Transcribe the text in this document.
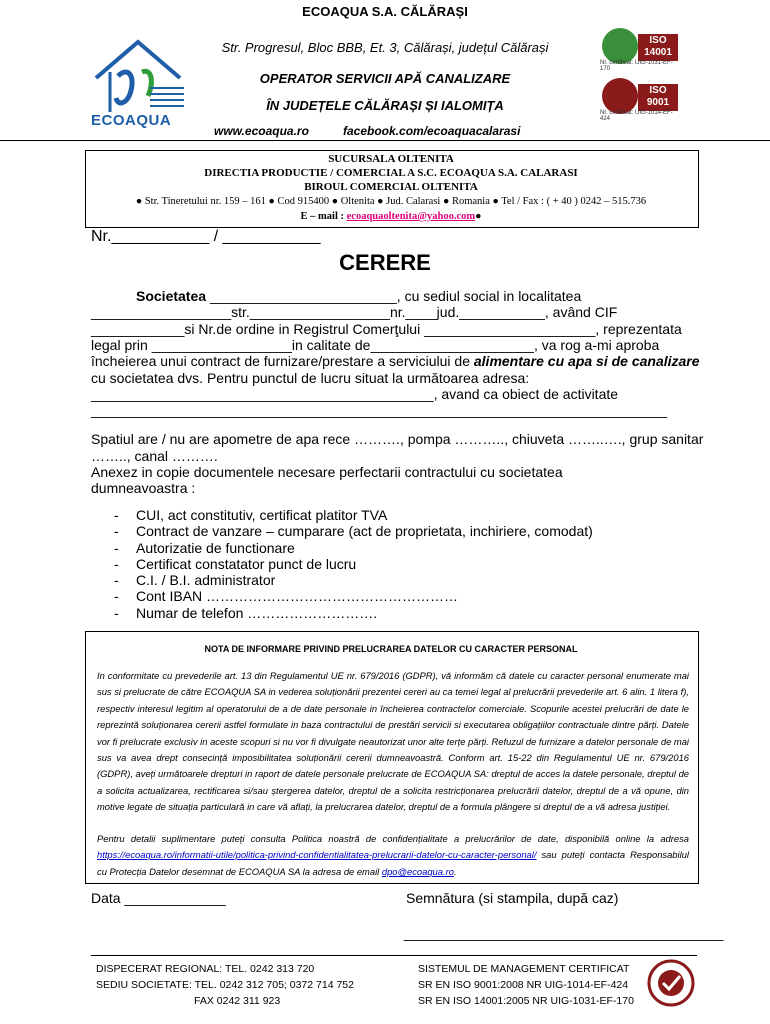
ECOAQUA
ECOAQUA S.A. CĂLĂRAȘI
Str. Progresul, Bloc BBB, Et. 3, Călărași, județul Călărași
OPERATOR SERVICII APĂ CANALIZARE
ÎN JUDEȚELE CĂLĂRAȘI ȘI IALOMIȚA
www.ecoaqua.ro	facebook.com/ecoaquacalarasi
ISO 14001
Nr. certificat: UIG-1031-EF-170
ISO 9001
Nr. certificat: UIG-1014-EF-424
SUCURSALA OLTENITA
DIRECTIA PRODUCTIE / COMERCIAL A S.C. ECOAQUA S.A. CALARASI
BIROUL COMERCIAL OLTENITA
● Str. Tineretului nr. 159 – 161 ● Cod 915400 ● Oltenita ● Jud. Calarasi ● Romania ● Tel / Fax : ( + 40 ) 0242 – 515.736
E – mail : ecoaquaoltenita@yahoo.com●
Nr.___________ / ___________
CERERE
Societatea ________________________, cu sediul social in localitatea
__________________str.__________________nr.____jud.___________, având CIF
____________si Nr.de ordine in Registrul Comerţului ______________________, reprezentata
legal prin __________________in calitate de_____________________, va rog a-mi aproba
încheierea unui contract de furnizare/prestare a serviciului de alimentare cu apa si de canalizare
cu societatea dvs. Pentru punctul de lucru situat la următoarea adresa:
____________________________________________, avand ca obiect de activitate
__________________________________________________________________________
Spatiul are / nu are apometre de apa rece ………., pompa ……….., chiuveta ……..…., grup sanitar
…….., canal ……….
Anexez in copie documentele necesare perfectarii contractului cu societatea
dumneavoastra :
- CUI, act constitutiv, certificat platitor TVA
- Contract de vanzare – cumparare (act de proprietata, inchiriere, comodat)
- Autorizatie de functionare
- Certificat constatator punct de lucru
- C.I. / B.I. administrator
- Cont IBAN ………………………………………………
- Numar de telefon ……………………….
NOTA DE INFORMARE PRIVIND PRELUCRAREA DATELOR CU CARACTER PERSONAL
In conformitate cu prevederile art. 13 din Regulamentul UE nr. 679/2016 (GDPR), vă informăm că datele cu caracter personal enumerate mai sus si prelucrate de către ECOAQUA SA in vederea soluționării prezentei cereri au ca temei legal al prelucrării prevederile art. 6 alin. 1 litera f), respectiv interesul legitim al operatorului de a de date personale in încheierea contractelor comerciale. Scopurile acestei prelucrări de date le reprezintă soluționarea cererii astfel formulate in baza contractului de prestări servicii si executarea obligațiilor contractuale dintre părți. Datele vor fi prelucrate exclusiv in aceste scopuri si nu vor fi divulgate neautorizat unor alte terțe părți. Refuzul de furnizare a datelor personale de mai sus va avea drept consecință imposibilitatea soluționării cererii dumneavoastră. Conform art. 15-22 din Regulamentul UE nr. 679/2016 (GDPR), aveți următoarele drepturi in raport de datele personale prelucrate de ECOAQUA SA: dreptul de acces la datele personale, dreptul de a solicita actualizarea, rectificarea si/sau ștergerea datelor, dreptul de a solicita restricționarea prelucrării datelor, dreptul de a vă opune, din motive legate de situația particulară in care vă aflați, la prelucrarea datelor, dreptul de a formula plângere si dreptul de a vă adresa justiției.
Pentru detalii suplimentare puteți consulta Politica noastră de confidențialitate a prelucrărilor de date, disponibilă online la adresa https://ecoaqua.ro/informatii-utile/politica-privind-confidentialitatea-prelucrarii-datelor-cu-caracter-personal/ sau puteți contacta Responsabilul cu Protecția Datelor desemnat de ECOAQUA SA la adresa de email dpo@ecoaqua.ro.
Data _____________	Semnătura (si stampila, după caz)
_________________________________________
DISPECERAT REGIONAL: TEL. 0242 313 720
SEDIU SOCIETATE: TEL. 0242 312 705; 0372 714 752
FAX 0242 311 923
SISTEMUL DE MANAGEMENT CERTIFICAT
SR EN ISO 9001:2008 NR UIG-1014-EF-424
SR EN ISO 14001:2005 NR UIG-1031-EF-170
